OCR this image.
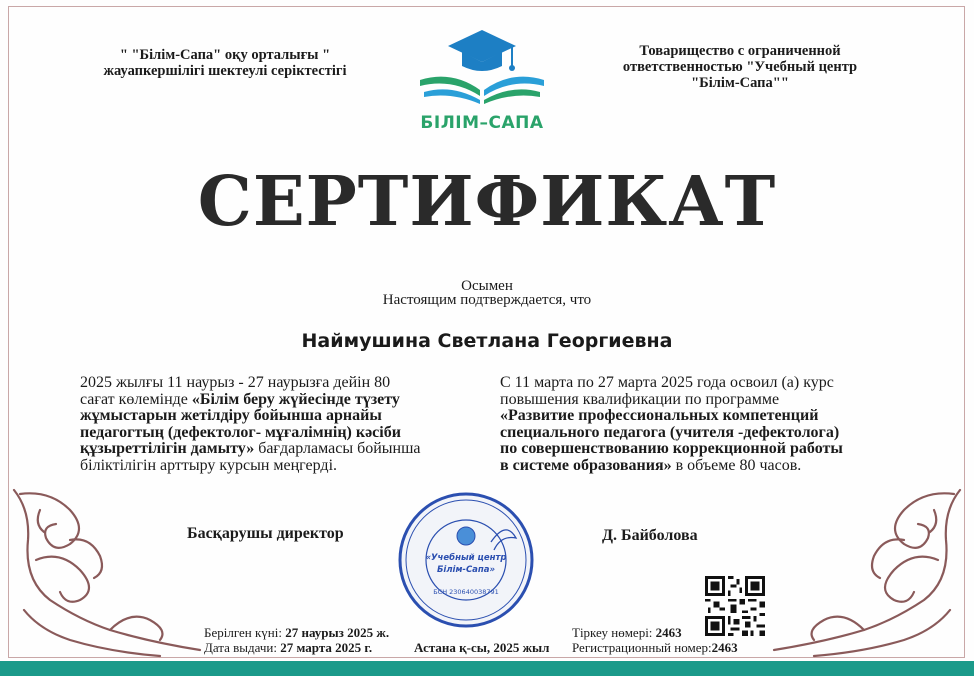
" "Білім-Сапа" оқу орталығы "
жауапкершілігі шектеулі серіктестігі
БІЛІМ–САПА
Товарищество с ограниченной
ответственностью "Учебный центр
"Білім-Сапа""
СЕРТИФИКАТ
Осымен
Настоящим подтверждается, что
Наймушина Светлана Георгиевна
2025 жылғы 11 наурыз - 27 наурызға дейін 80
сағат көлемінде «Білім беру жүйесінде түзету
жұмыстарын жетілдіру бойынша арнайы
педагогтың (дефектолог- мұғалімнің) кәсіби
құзыреттілігін дамыту» бағдарламасы бойынша
біліктілігін арттыру курсын меңгерді.
С 11 марта по 27 марта 2025 года освоил (а) курс
повышения квалификации по программе
«Развитие профессиональных компетенций
специального педагога (учителя -дефектолога)
по совершенствованию коррекционной работы
в системе образования» в объеме 80 часов.
Басқарушы директор	Д. Байболова
«Учебный центр
Білім-Сапа»
БСН 230640038791
Берілген күні: 27 наурыз 2025 ж.
Дата выдачи: 27 марта 2025 г.	Астана қ-сы, 2025 жыл
Тіркеу нөмері: 2463
Регистрационный номер:2463
